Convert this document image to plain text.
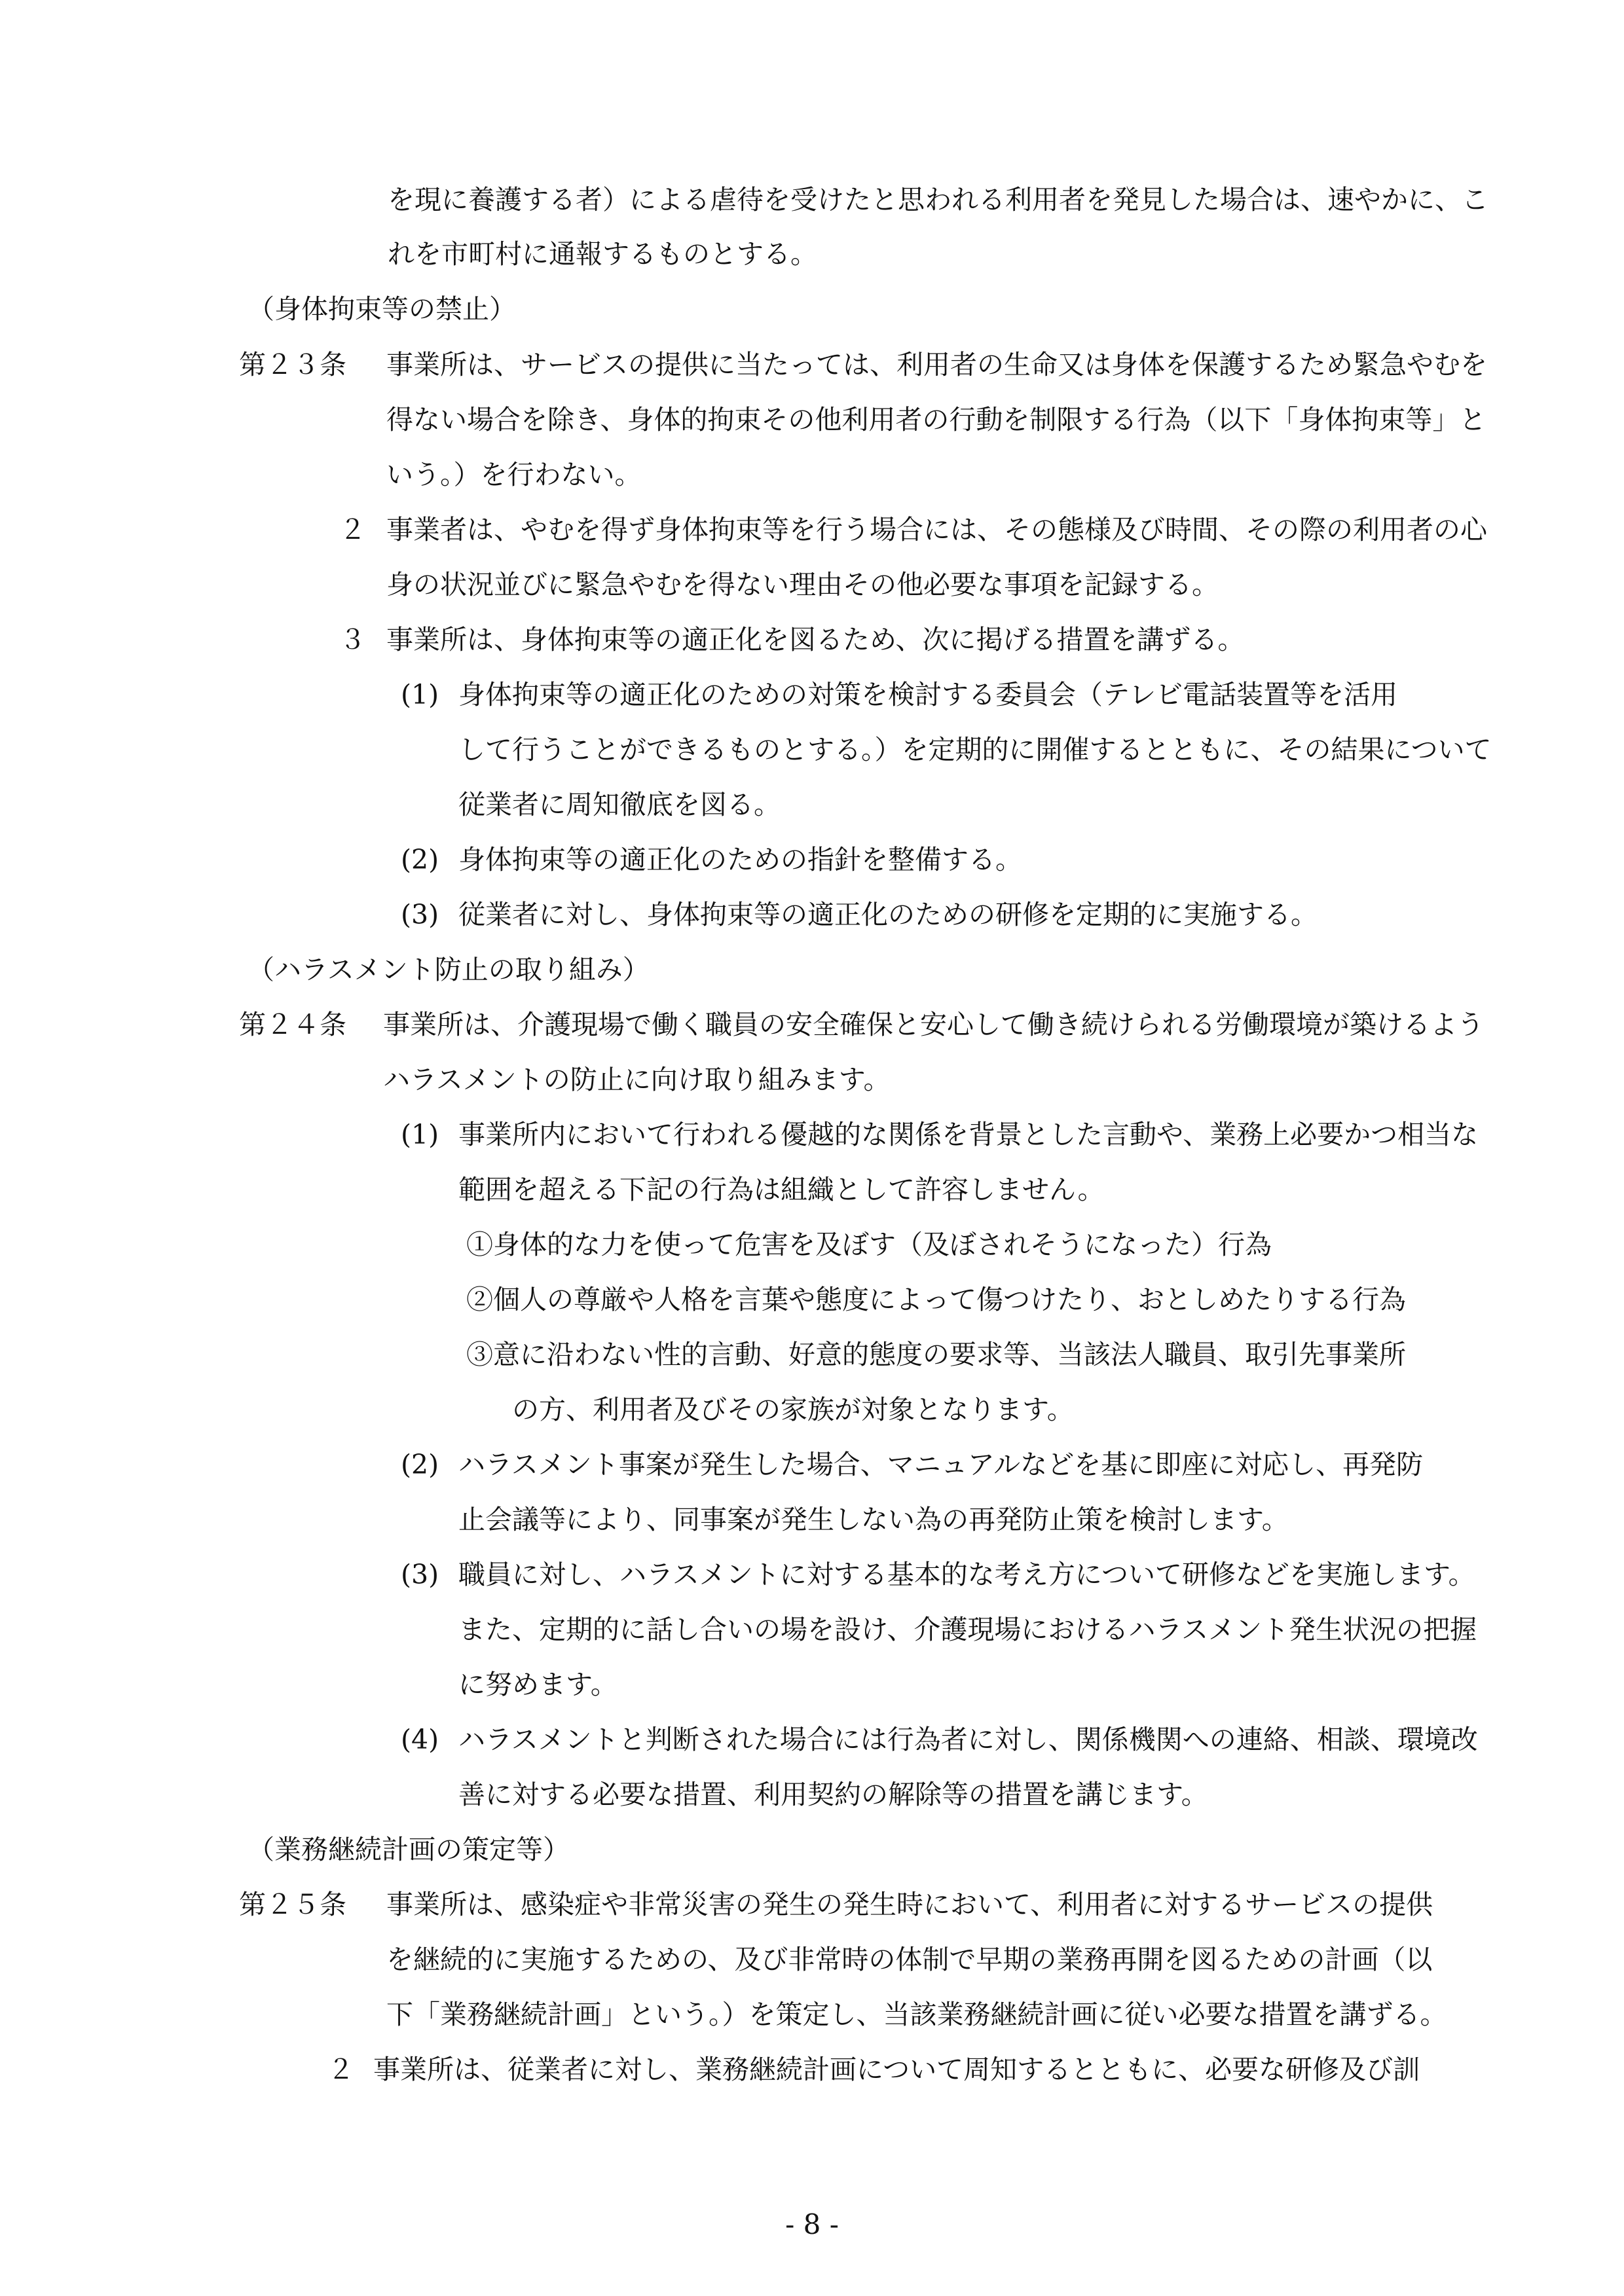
を現に養護する者）による虐待を受けたと思われる利用者を発見した場合は、速やかに、こ
れを市町村に通報するものとする。
（身体拘束等の禁止）
第２３条 事業所は、サービスの提供に当たっては、利用者の生命又は身体を保護するため緊急やむを
得ない場合を除き、身体的拘束その他利用者の行動を制限する行為（以下「身体拘束等」と
いう。）を行わない。
２ 事業者は、やむを得ず身体拘束等を行う場合には、その態様及び時間、その際の利用者の心
身の状況並びに緊急やむを得ない理由その他必要な事項を記録する。
３ 事業所は、身体拘束等の適正化を図るため、次に掲げる措置を講ずる。
(1) 身体拘束等の適正化のための対策を検討する委員会（テレビ電話装置等を活用
して行うことができるものとする。）を定期的に開催するとともに、その結果について
従業者に周知徹底を図る。
(2) 身体拘束等の適正化のための指針を整備する。
(3) 従業者に対し、身体拘束等の適正化のための研修を定期的に実施する。
（ハラスメント防止の取り組み）
第２４条 事業所は、介護現場で働く職員の安全確保と安心して働き続けられる労働環境が築けるよう
ハラスメントの防止に向け取り組みます。
(1) 事業所内において行われる優越的な関係を背景とした言動や、業務上必要かつ相当な
範囲を超える下記の行為は組織として許容しません。
①身体的な力を使って危害を及ぼす（及ぼされそうになった）行為
②個人の尊厳や人格を言葉や態度によって傷つけたり、おとしめたりする行為
③意に沿わない性的言動、好意的態度の要求等、当該法人職員、取引先事業所
の方、利用者及びその家族が対象となります。
(2) ハラスメント事案が発生した場合、マニュアルなどを基に即座に対応し、再発防
止会議等により、同事案が発生しない為の再発防止策を検討します。
(3) 職員に対し、ハラスメントに対する基本的な考え方について研修などを実施します。
また、定期的に話し合いの場を設け、介護現場におけるハラスメント発生状況の把握
に努めます。
(4) ハラスメントと判断された場合には行為者に対し、関係機関への連絡、相談、環境改
善に対する必要な措置、利用契約の解除等の措置を講じます。
（業務継続計画の策定等）
第２５条 事業所は、感染症や非常災害の発生の発生時において、利用者に対するサービスの提供
を継続的に実施するための、及び非常時の体制で早期の業務再開を図るための計画（以
下「業務継続計画」という。）を策定し、当該業務継続計画に従い必要な措置を講ずる。
２ 事業所は、従業者に対し、業務継続計画について周知するとともに、必要な研修及び訓
- 8 -
